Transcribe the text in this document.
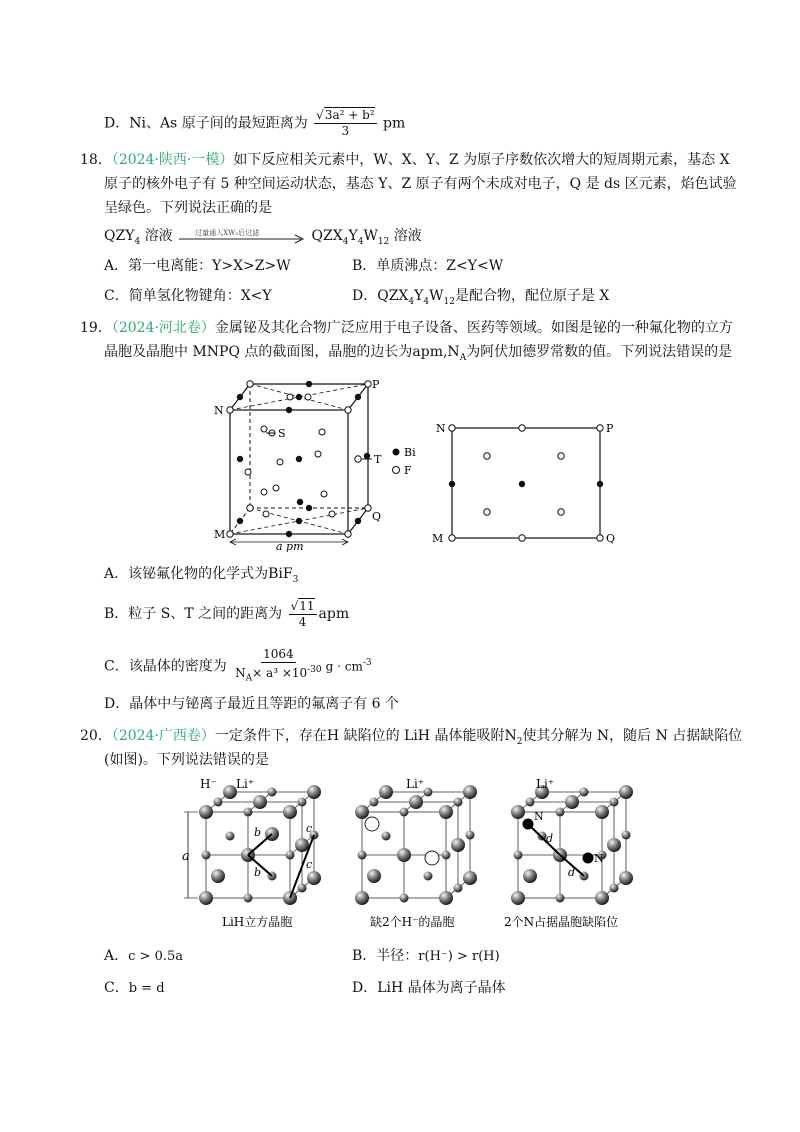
D．Ni、As 原子间的最短距离为 $\frac{\text{√3a² + b²}}{3}$ pm
18．（2024·陕西·一模）如下反应相关元素中，W、X、Y、Z 为原子序数依次增大的短周期元素，基态 X
原子的核外电子有 5 种空间运动状态，基态 Y、Z 原子有两个未成对电子，Q 是 ds 区元素，焰色试验
呈绿色。下列说法正确的是
$QZY_4$ 溶液	过量通入XW₃后过滤	$QZX_4Y_4W_{12}$ 溶液
A．第一电离能：Y>X>Z>W	B．单质沸点：Z<Y<W
C．简单氢化物键角：X<Y	D．$QZX_4Y_4W_{12}$是配合物，配位原子是 X
19．（2024·河北卷）金属铋及其化合物广泛应用于电子设备、医药等领域。如图是铋的一种氟化物的立方
晶胞及晶胞中 MNPQ 点的截面图，晶胞的边长为$apm,N_A$为阿伏加德罗常数的值。下列说法错误的是
P
N
S
T
Q
M
Bi
F
a pm
N	P
M	Q
A．该铋氟化物的化学式为BiF$_3$
B．粒子 S、T 之间的距离为 $\frac{√11}{4}$ apm
C．该晶体的密度为 $\frac{1064}{N_A\times a^3 \times 10^{-30}}$ $g \cdot cm^{-3}$
D．晶体中与铋离子最近且等距的氟离子有 6 个
20．（2024·广西卷）一定条件下，存在H 缺陷位的 LiH 晶体能吸附$N_2$使其分解为 N，随后 N 占据缺陷位
(如图)。下列说法错误的是
a
b
b
c
c
H⁻ Li⁺	Li⁺
N
N
d
d
Li⁺
LiH立方晶胞	缺2个H⁻的晶胞	2个N占据晶胞缺陷位
A．c > 0.5a	B．半径：r(H⁻) > r(H)
C．b = d	D．LiH 晶体为离子晶体
